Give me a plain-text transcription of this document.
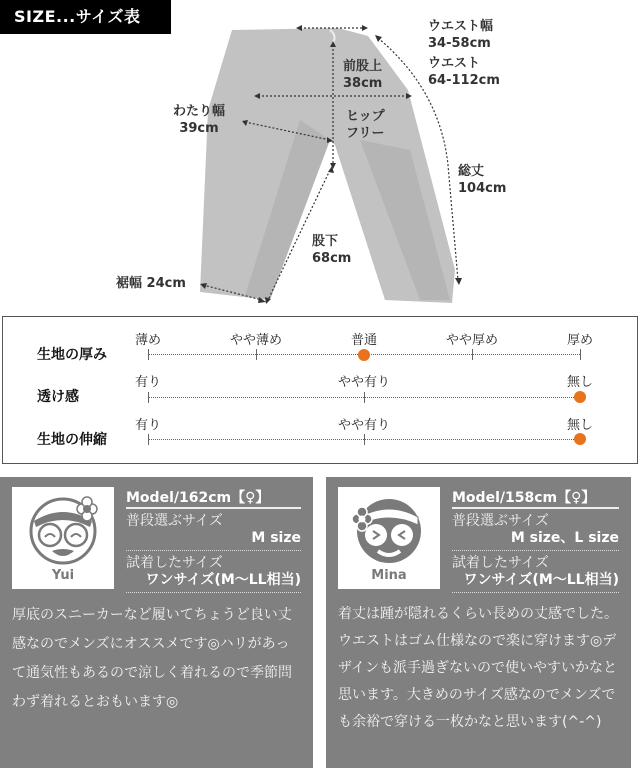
SIZE...サイズ表
ウエスト幅
34-58cm
ウエスト
64-112cm
前股上
38cm
ヒップ
フリー
わたり幅
39cm
総丈
104cm
股下
68cm
裾幅 24cm
生地の厚み
薄め	やや薄め	普通	やや厚め	厚め
透け感
有り	やや有り	無し
生地の伸縮
有り	やや有り	無し
Yui
Model/162cm【♀】
普段選ぶサイズ
M size
試着したサイズ
ワンサイズ(M〜LL相当)
厚底のスニーカーなど履いてちょうど良い丈感なのでメンズにオススメです◎ハリがあって通気性もあるので涼しく着れるので季節問わず着れるとおもいます◎
Mina
Model/158cm【♀】
普段選ぶサイズ
M size、L size
試着したサイズ
ワンサイズ(M〜LL相当)
着丈は踵が隠れるくらい長めの丈感でした。ウエストはゴム仕様なので楽に穿けます◎デザインも派手過ぎないので使いやすいかなと思います。大きめのサイズ感なのでメンズでも余裕で穿ける一枚かなと思います(^-^)
